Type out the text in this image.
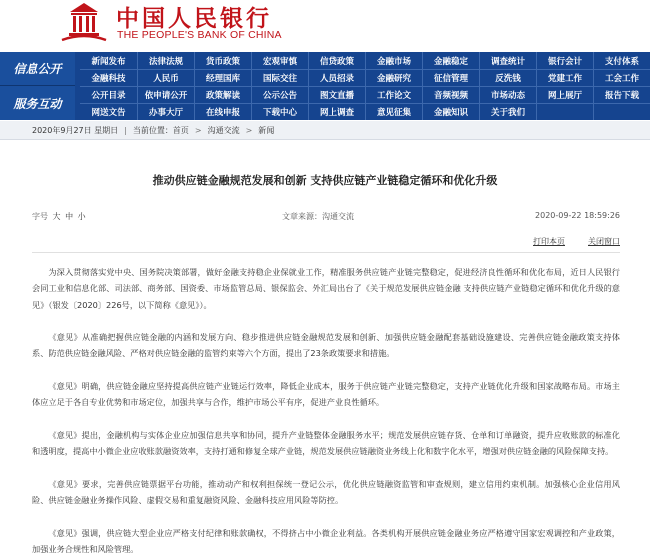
中国人民银行
THE PEOPLE'S BANK OF CHINA
信息公开
服务互动
新闻发布	法律法规	货币政策	宏观审慎	信贷政策	金融市场	金融稳定	调查统计	银行会计	支付体系
金融科技	人民币	经理国库	国际交往	人员招录	金融研究	征信管理	反洗钱	党建工作	工会工作
公开目录	依申请公开	政策解读	公示公告	图文直播	工作论文	音频视频	市场动态	网上展厅	报告下载
网送文告	办事大厅	在线申报	下载中心	网上调查	意见征集	金融知识	关于我们
2020年9月27日 星期日 | 当前位置： 首页 > 沟通交流 > 新闻
推动供应链金融规范发展和创新 支持供应链产业链稳定循环和优化升级
字号 大 中 小	文章来源：沟通交流	2020-09-22 18:59:26
打印本页	关闭窗口

为深入贯彻落实党中央、国务院决策部署，做好金融支持稳企业保就业工作，精准服务供应链产业链完整稳定，促进经济良性循环和优化布局，近日人民银行会同工业和信息化部、司法部、商务部、国资委、市场监管总局、银保监会、外汇局出台了《关于规范发展供应链金融 支持供应链产业链稳定循环和优化升级的意见》（银发〔2020〕226号，以下简称《意见》）。

《意见》从准确把握供应链金融的内涵和发展方向、稳步推进供应链金融规范发展和创新、加强供应链金融配套基础设施建设、完善供应链金融政策支持体系、防范供应链金融风险、严格对供应链金融的监管约束等六个方面，提出了23条政策要求和措施。

《意见》明确，供应链金融应坚持提高供应链产业链运行效率，降低企业成本，服务于供应链产业链完整稳定，支持产业链优化升级和国家战略布局。市场主体应立足于各自专业优势和市场定位，加强共享与合作，维护市场公平有序，促进产业良性循环。

《意见》提出，金融机构与实体企业应加强信息共享和协同，提升产业链整体金融服务水平；规范发展供应链存货、仓单和订单融资，提升应收账款的标准化和透明度，提高中小微企业应收账款融资效率，支持打通和修复全球产业链，规范发展供应链融资业务线上化和数字化水平，增强对供应链金融的风险保障支持。

《意见》要求，完善供应链票据平台功能，推动动产和权利担保统一登记公示，优化供应链融资监管和审查规则，建立信用约束机制。加强核心企业信用风险、供应链金融业务操作风险、虚假交易和重复融资风险、金融科技应用风险等防控。

《意见》强调，供应链大型企业应严格支付纪律和账款确权，不得挤占中小微企业利益。各类机构开展供应链金融业务应严格遵守国家宏观调控和产业政策，加强业务合规性和风险管理。
